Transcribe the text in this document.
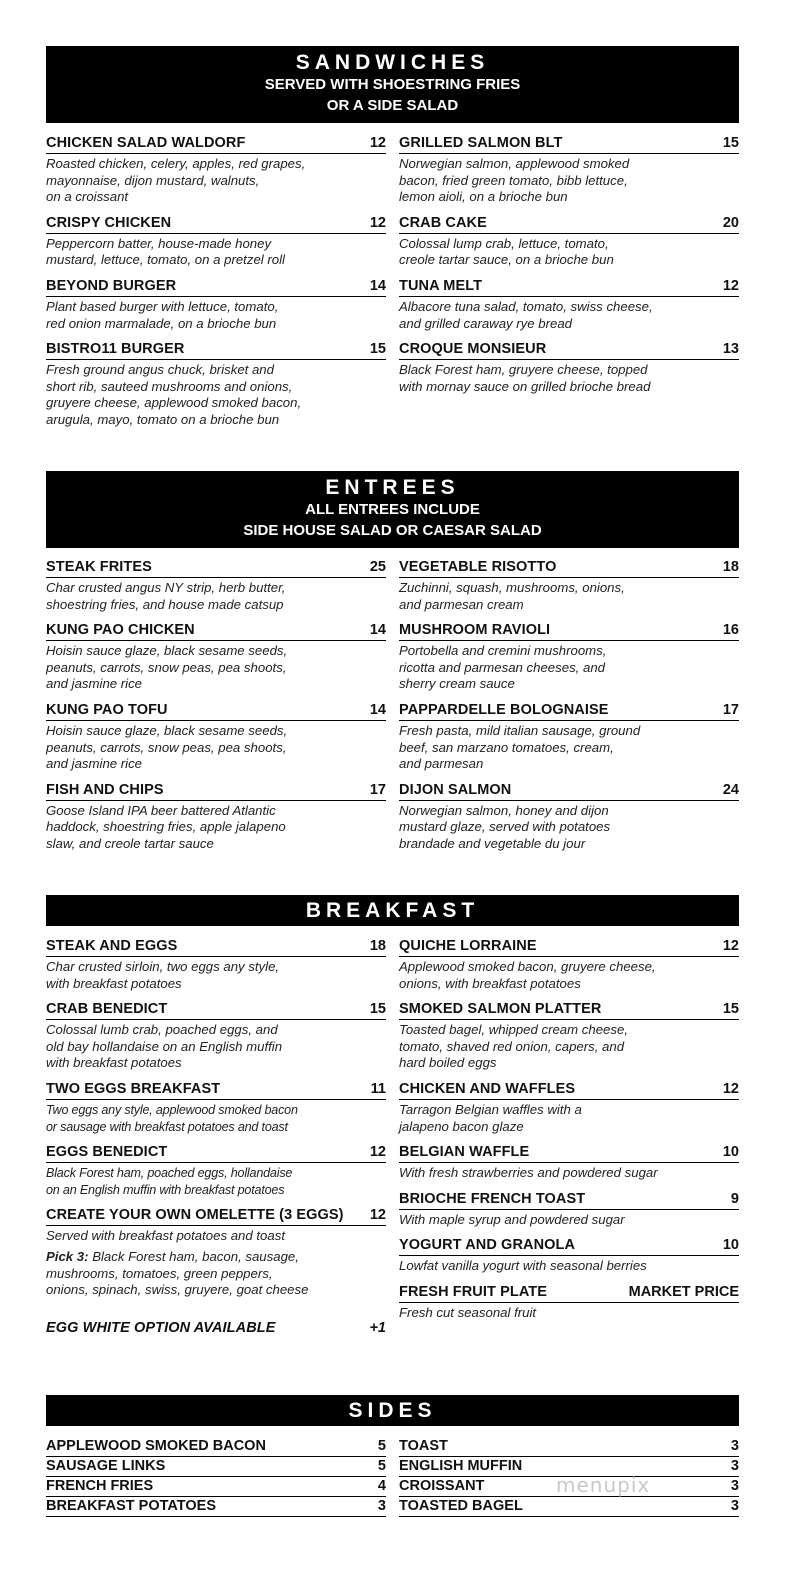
SANDWICHES
SERVED WITH SHOESTRING FRIES
OR A SIDE SALAD
CHICKEN SALAD WALDORF	12
Roasted chicken, celery, apples, red grapes,
mayonnaise, dijon mustard, walnuts,
on a croissant
CRISPY CHICKEN	12
Peppercorn batter, house-made honey
mustard, lettuce, tomato, on a pretzel roll
BEYOND BURGER	14
Plant based burger with lettuce, tomato,
red onion marmalade, on a brioche bun
BISTRO11 BURGER	15
Fresh ground angus chuck, brisket and
short rib, sauteed mushrooms and onions,
gruyere cheese, applewood smoked bacon,
arugula, mayo, tomato on a brioche bun
GRILLED SALMON BLT	15
Norwegian salmon, applewood smoked
bacon, fried green tomato, bibb lettuce,
lemon aioli, on a brioche bun
CRAB CAKE	20
Colossal lump crab, lettuce, tomato,
creole tartar sauce, on a brioche bun
TUNA MELT	12
Albacore tuna salad, tomato, swiss cheese,
and grilled caraway rye bread
CROQUE MONSIEUR	13
Black Forest ham, gruyere cheese, topped
with mornay sauce on grilled brioche bread
ENTREES
ALL ENTREES INCLUDE
SIDE HOUSE SALAD OR CAESAR SALAD
STEAK FRITES	25
Char crusted angus NY strip, herb butter,
shoestring fries, and house made catsup
KUNG PAO CHICKEN	14
Hoisin sauce glaze, black sesame seeds,
peanuts, carrots, snow peas, pea shoots,
and jasmine rice
KUNG PAO TOFU	14
Hoisin sauce glaze, black sesame seeds,
peanuts, carrots, snow peas, pea shoots,
and jasmine rice
FISH AND CHIPS	17
Goose Island IPA beer battered Atlantic
haddock, shoestring fries, apple jalapeno
slaw, and creole tartar sauce
VEGETABLE RISOTTO	18
Zuchinni, squash, mushrooms, onions,
and parmesan cream
MUSHROOM RAVIOLI	16
Portobella and cremini mushrooms,
ricotta and parmesan cheeses, and
sherry cream sauce
PAPPARDELLE BOLOGNAISE	17
Fresh pasta, mild italian sausage, ground
beef, san marzano tomatoes, cream,
and parmesan
DIJON SALMON	24
Norwegian salmon, honey and dijon
mustard glaze, served with potatoes
brandade and vegetable du jour
BREAKFAST
STEAK AND EGGS	18
Char crusted sirloin, two eggs any style,
with breakfast potatoes
CRAB BENEDICT	15
Colossal lumb crab, poached eggs, and
old bay hollandaise on an English muffin
with breakfast potatoes
TWO EGGS BREAKFAST	11
Two eggs any style, applewood smoked bacon
or sausage with breakfast potatoes and toast
EGGS BENEDICT	12
Black Forest ham, poached eggs, hollandaise
on an English muffin with breakfast potatoes
CREATE YOUR OWN OMELETTE (3 EGGS) 12
Served with breakfast potatoes and toast
Pick 3: Black Forest ham, bacon, sausage,
mushrooms, tomatoes, green peppers,
onions, spinach, swiss, gruyere, goat cheese
EGG WHITE OPTION AVAILABLE	+1
QUICHE LORRAINE	12
Applewood smoked bacon, gruyere cheese,
onions, with breakfast potatoes
SMOKED SALMON PLATTER	15
Toasted bagel, whipped cream cheese,
tomato, shaved red onion, capers, and
hard boiled eggs
CHICKEN AND WAFFLES	12
Tarragon Belgian waffles with a
jalapeno bacon glaze
BELGIAN WAFFLE	10
With fresh strawberries and powdered sugar
BRIOCHE FRENCH TOAST	9
With maple syrup and powdered sugar
YOGURT AND GRANOLA	10
Lowfat vanilla yogurt with seasonal berries
FRESH FRUIT PLATE	MARKET PRICE
Fresh cut seasonal fruit
SIDES
APPLEWOOD SMOKED BACON	5
SAUSAGE LINKS	5
FRENCH FRIES	4
BREAKFAST POTATOES	3
TOAST	3
ENGLISH MUFFIN	3
CROISSANT	3
TOASTED BAGEL	3
menupix
